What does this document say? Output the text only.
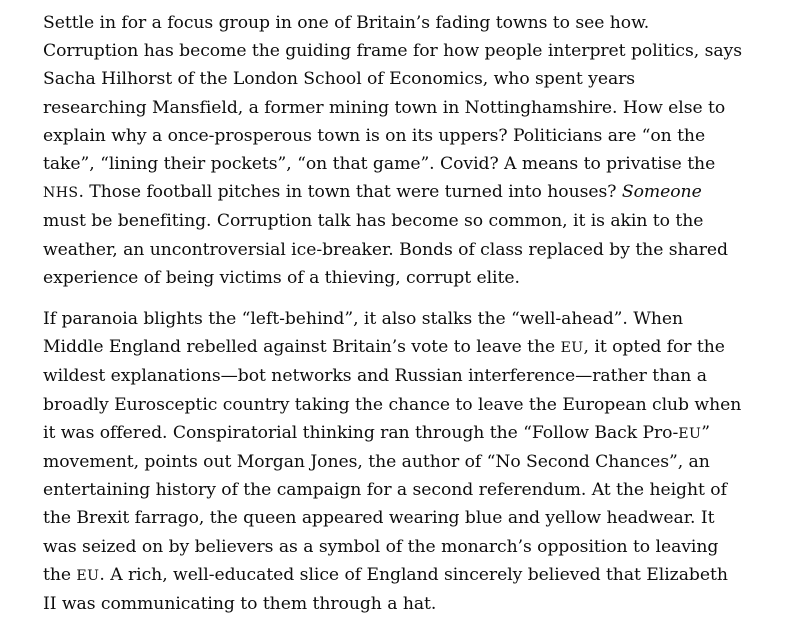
Settle in for a focus group in one of Britain’s fading towns to see how. Corruption has become the guiding frame for how people interpret politics, says Sacha Hilhorst of the London School of Economics, who spent years researching Mansfield, a former mining town in Nottinghamshire. How else to explain why a once-prosperous town is on its uppers? Politicians are “on the take”, “lining their pockets”, “on that game”. Covid? A means to privatise the NHS. Those football pitches in town that were turned into houses? Someone must be benefiting. Corruption talk has become so common, it is akin to the weather, an uncontroversial ice-breaker. Bonds of class replaced by the shared experience of being victims of a thieving, corrupt elite.

If paranoia blights the “left-behind”, it also stalks the “well-ahead”. When Middle England rebelled against Britain’s vote to leave the EU, it opted for the wildest explanations—bot networks and Russian interference—rather than a broadly Eurosceptic country taking the chance to leave the European club when it was offered. Conspiratorial thinking ran through the “Follow Back Pro-EU” movement, points out Morgan Jones, the author of “No Second Chances”, an entertaining history of the campaign for a second referendum. At the height of the Brexit farrago, the queen appeared wearing blue and yellow headwear. It was seized on by believers as a symbol of the monarch’s opposition to leaving the EU. A rich, well-educated slice of England sincerely believed that Elizabeth II was communicating to them through a hat.
